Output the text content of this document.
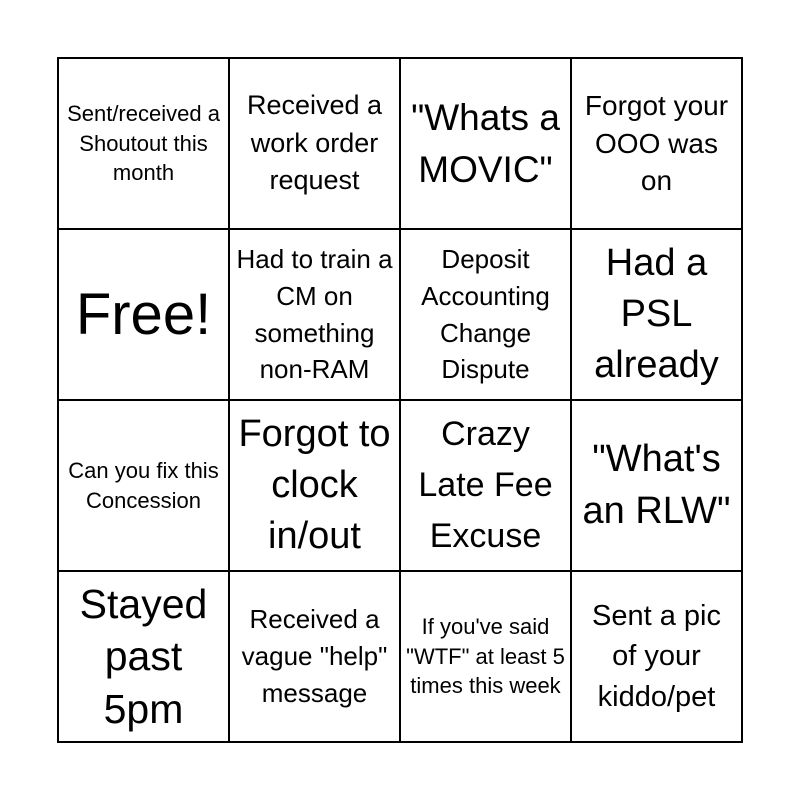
Sent/received a Shoutout this month
Received a work order request
"Whats a MOVIC"
Forgot your OOO was on
Free!
Had to train a CM on something non-RAM
Deposit Accounting Change Dispute
Had a PSL already
Can you fix this Concession
Forgot to clock in/out
Crazy Late Fee Excuse
"What's an RLW"
Stayed past 5pm
Received a vague "help" message
If you've said "WTF" at least 5 times this week
Sent a pic of your kiddo/pet
